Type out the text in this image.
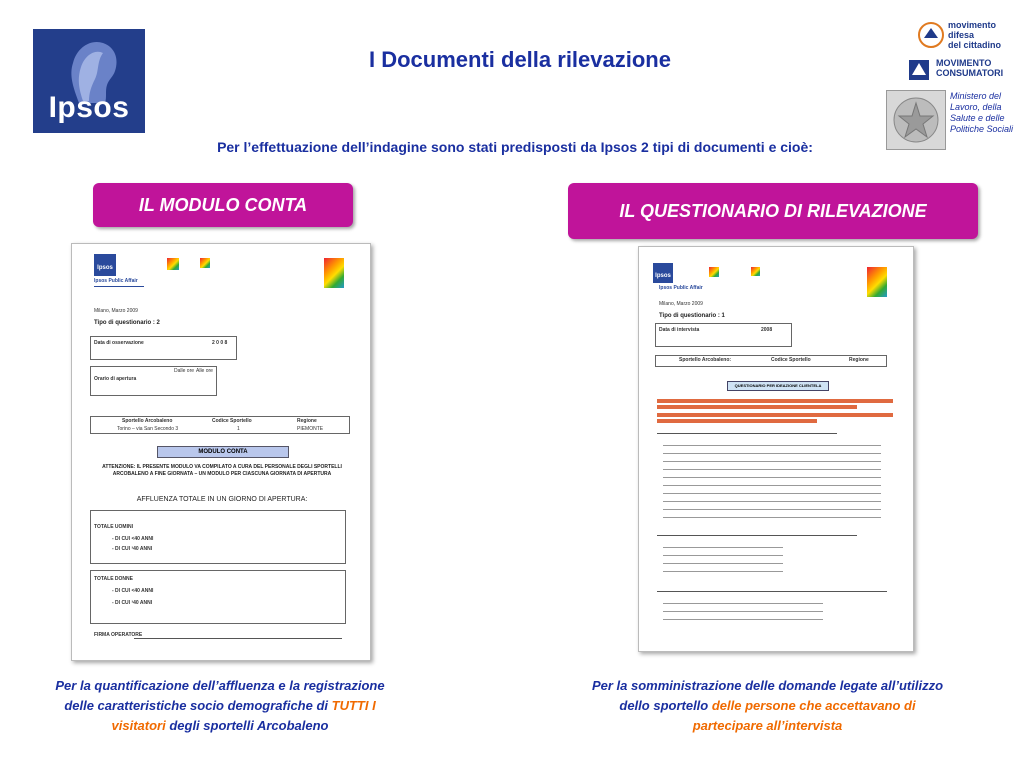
Ipsos
I Documenti della rilevazione
movimento
difesa
del cittadino
MOVIMENTO
CONSUMATORI
Ministero del Lavoro, della Salute e delle Politiche Sociali
Per l’effettuazione dell’indagine sono stati predisposti da Ipsos 2 tipi di documenti e cioè:
IL MODULO CONTA	IL QUESTIONARIO DI RILEVAZIONE
Ipsos
Ipsos Public Affair
Milano, Marzo 2009
Tipo di questionario : 2
Data di osservazione	2 0 0 8
Orario di apertura
Dalle ore Alle ore
Sportello Arcobaleno	Codice Sportello	Regione
Torino – via San Secondo 3	1	PIEMONTE
MODULO CONTA
ATTENZIONE: IL PRESENTE MODULO VA COMPILATO A CURA DEL PERSONALE DEGLI SPORTELLI ARCOBALENO A FINE GIORNATA – UN MODULO PER CIASCUNA GIORNATA DI APERTURA
AFFLUENZA TOTALE IN UN GIORNO DI APERTURA:
TOTALE UOMINI
- DI CUI <40 ANNI
- DI CUI ³40 ANNI
TOTALE DONNE
- DI CUI <40 ANNI
- DI CUI ³40 ANNI
FIRMA OPERATORE
Ipsos
Ipsos Public Affair
Milano, Marzo 2009
Tipo di questionario : 1
Data di intervista	2008
Sportello Arcobaleno:	Codice Sportello	Regione
QUESTIONARIO PER IDEAZIONE CLIENTELA
Per la quantificazione dell’affluenza e la registrazione delle caratteristiche socio demografiche di TUTTI I visitatori degli sportelli Arcobaleno
Per la somministrazione delle domande legate all’utilizzo dello sportello delle persone che accettavano di partecipare all’intervista
